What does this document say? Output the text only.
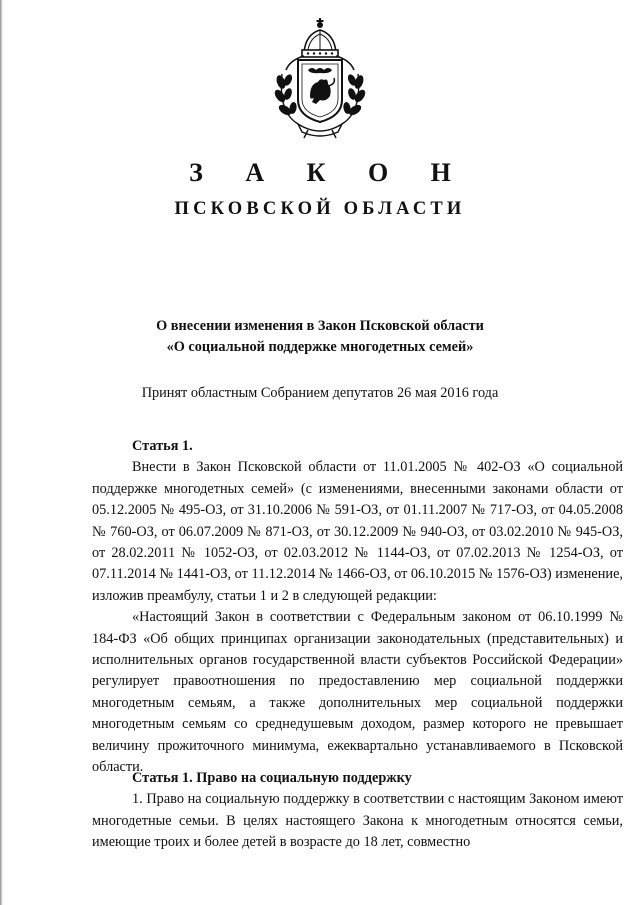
З А К О Н
ПСКОВСКОЙ ОБЛАСТИ
О внесении изменения в Закон Псковской области
«О социальной поддержке многодетных семей»
Принят областным Собранием депутатов 26 мая 2016 года

Статья 1.

Внести в Закон Псковской области от 11.01.2005 № 402-ОЗ «О социальной поддержке многодетных семей» (с изменениями, внесенными законами области от 05.12.2005 № 495-ОЗ, от 31.10.2006 № 591-ОЗ, от 01.11.2007 № 717-ОЗ, от 04.05.2008 № 760-ОЗ, от 06.07.2009 № 871-ОЗ, от 30.12.2009 № 940-ОЗ, от 03.02.2010 № 945-ОЗ, от 28.02.2011 № 1052-ОЗ, от 02.03.2012 № 1144-ОЗ, от 07.02.2013 № 1254-ОЗ, от 07.11.2014 № 1441-ОЗ, от 11.12.2014 № 1466-ОЗ, от 06.10.2015 № 1576-ОЗ) изменение, изложив преамбулу, статьи 1 и 2 в следующей редакции:

«Настоящий Закон в соответствии с Федеральным законом от 06.10.1999 № 184-ФЗ «Об общих принципах организации законодательных (представительных) и исполнительных органов государственной власти субъектов Российской Федерации» регулирует правоотношения по предоставлению мер социальной поддержки многодетным семьям, а также дополнительных мер социальной поддержки многодетным семьям со среднедушевым доходом, размер которого не превышает величину прожиточного минимума, ежеквартально устанавливаемого в Псковской области.

Статья 1. Право на социальную поддержку

1. Право на социальную поддержку в соответствии с настоящим Законом имеют многодетные семьи. В целях настоящего Закона к многодетным относятся семьи, имеющие троих и более детей в возрасте до 18 лет, совместно
